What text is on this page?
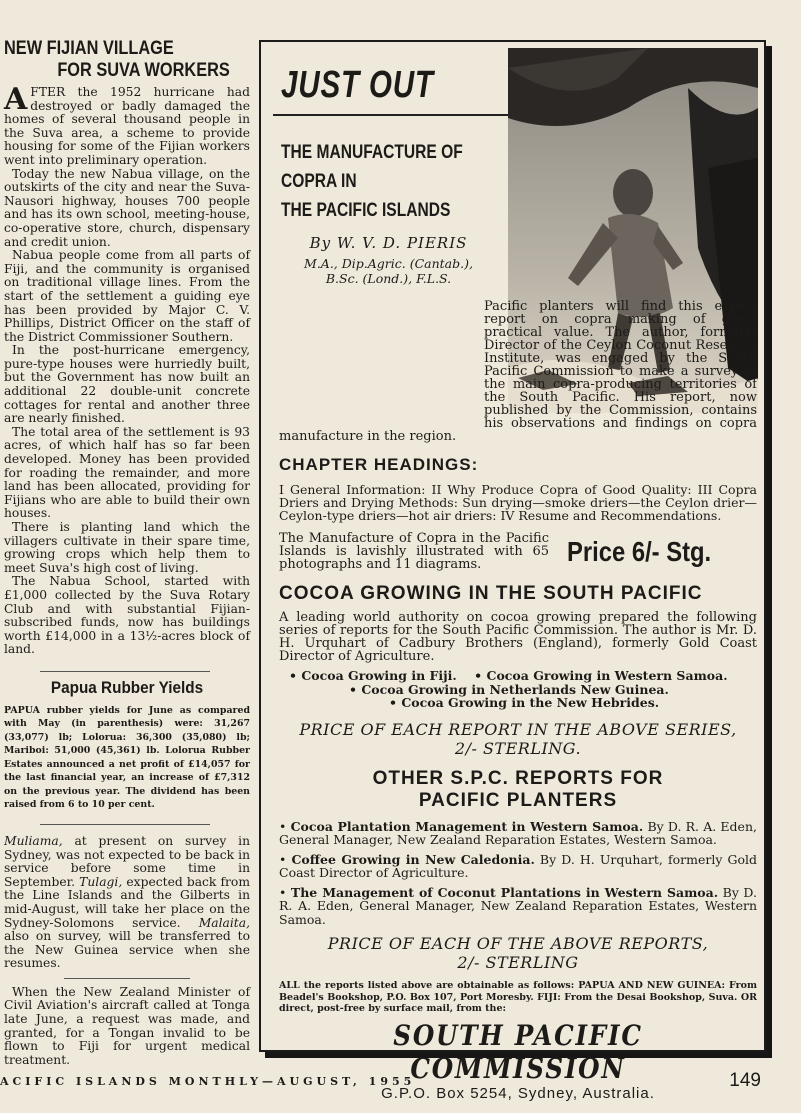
NEW FIJIAN VILLAGE
FOR SUVA WORKERS

AFTER the 1952 hurricane had destroyed or badly damaged the homes of several thousand people in the Suva area, a scheme to provide housing for some of the Fijian workers went into preliminary operation.

Today the new Nabua village, on the outskirts of the city and near the Suva-Nausori highway, houses 700 people and has its own school, meeting-house, co-operative store, church, dispensary and credit union.

Nabua people come from all parts of Fiji, and the community is organised on traditional village lines. From the start of the settlement a guiding eye has been provided by Major C. V. Phillips, District Officer on the staff of the District Commissioner Southern.

In the post-hurricane emergency, pure-type houses were hurriedly built, but the Government has now built an additional 22 double-unit concrete cottages for rental and another three are nearly finished.

The total area of the settlement is 93 acres, of which half has so far been developed. Money has been provided for roading the remainder, and more land has been allocated, providing for Fijians who are able to build their own houses.

There is planting land which the villagers cultivate in their spare time, growing crops which help them to meet Suva's high cost of living.

The Nabua School, started with £1,000 collected by the Suva Rotary Club and with substantial Fijian-subscribed funds, now has buildings worth £14,000 in a 13½-acres block of land.

Papua Rubber Yields

PAPUA rubber yields for June as compared with May (in parenthesis) were: 31,267 (33,077) lb; Lolorua: 36,300 (35,080) lb; Mariboi: 51,000 (45,361) lb. Lolorua Rubber Estates announced a net profit of £14,057 for the last financial year, an increase of £7,312 on the previous year. The dividend has been raised from 6 to 10 per cent.

Muliama, at present on survey in Sydney, was not expected to be back in service before some time in September. Tulagi, expected back from the Line Islands and the Gilberts in mid-August, will take her place on the Sydney-Solomons service. Malaita, also on survey, will be transferred to the New Guinea service when she resumes.

When the New Zealand Minister of Civil Aviation's aircraft called at Tonga late June, a request was made, and granted, for a Tongan invalid to be flown to Fiji for urgent medical treatment.

JUST OUT
THE MANUFACTURE OF
COPRA IN
THE PACIFIC ISLANDS
By W. V. D. PIERIS
M.A., Dip.Agric. (Cantab.),
B.Sc. (Lond.), F.L.S.

Pacific planters will find this expert report on copra making of great practical value. The author, formerly Director of the Ceylon Coconut Research Institute, was engaged by the South Pacific Commission to make a survey of the main copra-producing territories of the South Pacific. His report, now published by the Commission, contains his observations and findings on copra manufacture in the region.

CHAPTER HEADINGS:

I General Information: II Why Produce Copra of Good Quality: III Copra Driers and Drying Methods: Sun drying—smoke driers—the Ceylon drier—Ceylon-type driers—hot air driers: IV Resume and Recommendations.

The Manufacture of Copra in the Pacific Islands is lavishly illustrated with 65 photographs and 11 diagrams.	Price 6/- Stg.

COCOA GROWING IN THE SOUTH PACIFIC

A leading world authority on cocoa growing prepared the following series of reports for the South Pacific Commission. The author is Mr. D. H. Urquhart of Cadbury Brothers (England), formerly Gold Coast Director of Agriculture.

• Cocoa Growing in Fiji. • Cocoa Growing in Western Samoa.

• Cocoa Growing in Netherlands New Guinea.

• Cocoa Growing in the New Hebrides.

PRICE OF EACH REPORT IN THE ABOVE SERIES,

2/- STERLING.

OTHER S.P.C. REPORTS FOR

PACIFIC PLANTERS

• Cocoa Plantation Management in Western Samoa. By D. R. A. Eden, General Manager, New Zealand Reparation Estates, Western Samoa.

• Coffee Growing in New Caledonia. By D. H. Urquhart, formerly Gold Coast Director of Agriculture.

• The Management of Coconut Plantations in Western Samoa. By D. R. A. Eden, General Manager, New Zealand Reparation Estates, Western Samoa.

PRICE OF EACH OF THE ABOVE REPORTS,

2/- STERLING

ALL the reports listed above are obtainable as follows: PAPUA AND NEW GUINEA: From Beadel's Bookshop, P.O. Box 107, Port Moresby. FIJI: From the Desai Bookshop, Suva. OR direct, post-free by surface mail, from the:

SOUTH PACIFIC COMMISSION

G.P.O. Box 5254, Sydney, Australia.

ACIFIC ISLANDS MONTHLY—AUGUST, 1955	149
